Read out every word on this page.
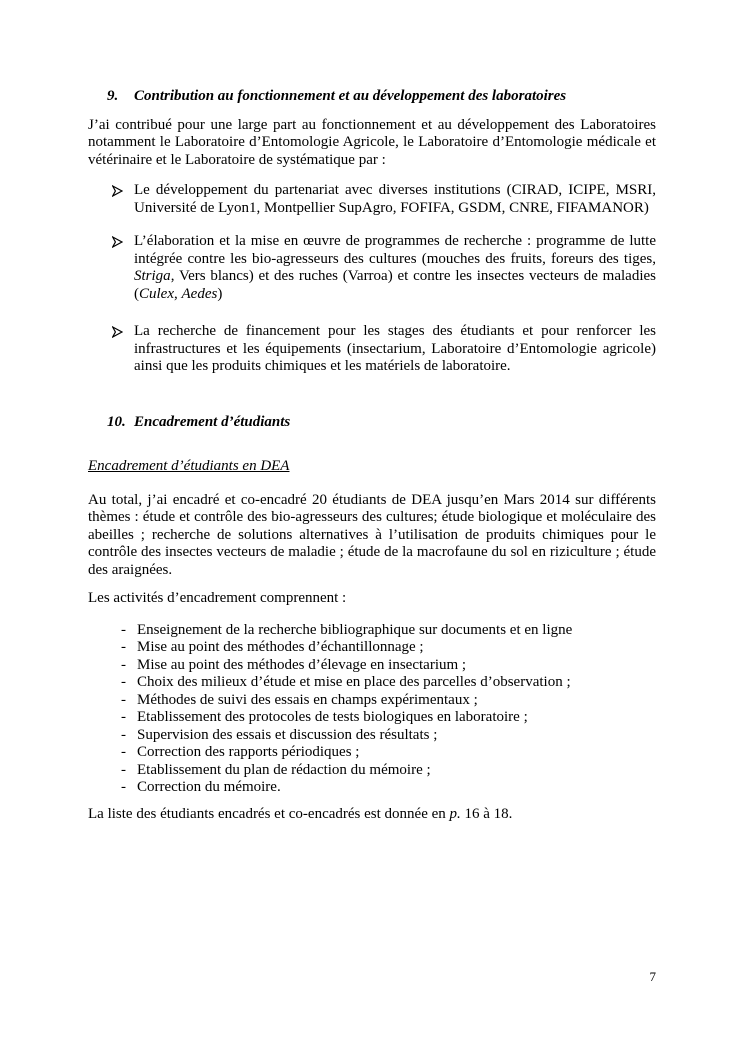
9.	Contribution au fonctionnement et au développement des laboratoires
J’ai contribué pour une large part au fonctionnement et au développement des Laboratoires notamment le Laboratoire d’Entomologie Agricole, le Laboratoire d’Entomologie médicale et vétérinaire et le Laboratoire de systématique par :
Le développement du partenariat avec diverses institutions (CIRAD, ICIPE, MSRI, Université de Lyon1, Montpellier SupAgro, FOFIFA, GSDM, CNRE, FIFAMANOR)
L’élaboration et la mise en œuvre de programmes de recherche : programme de lutte intégrée contre les bio-agresseurs des cultures (mouches des fruits, foreurs des tiges, Striga, Vers blancs) et des ruches (Varroa) et contre les insectes vecteurs de maladies (Culex, Aedes)
La recherche de financement pour les stages des étudiants et pour renforcer les infrastructures et les équipements (insectarium, Laboratoire d’Entomologie agricole) ainsi que les produits chimiques et les matériels de laboratoire.
10. Encadrement d’étudiants
Encadrement d’étudiants en DEA
Au total, j’ai encadré et co-encadré 20 étudiants de DEA jusqu’en Mars 2014 sur différents thèmes : étude et contrôle des bio-agresseurs des cultures; étude biologique et moléculaire des abeilles ; recherche de solutions alternatives à l’utilisation de produits chimiques pour le contrôle des insectes vecteurs de maladie ; étude de la macrofaune du sol en riziculture ; étude des araignées.
Les activités d’encadrement comprennent :
- Enseignement de la recherche bibliographique sur documents et en ligne
- Mise au point des méthodes d’échantillonnage ;
- Mise au point des méthodes d’élevage en insectarium ;
- Choix des milieux d’étude et mise en place des parcelles d’observation ;
- Méthodes de suivi des essais en champs expérimentaux ;
- Etablissement des protocoles de tests biologiques en laboratoire ;
- Supervision des essais et discussion des résultats ;
- Correction des rapports périodiques ;
- Etablissement du plan de rédaction du mémoire ;
- Correction du mémoire.
La liste des étudiants encadrés et co-encadrés est donnée en p. 16 à 18.
7
